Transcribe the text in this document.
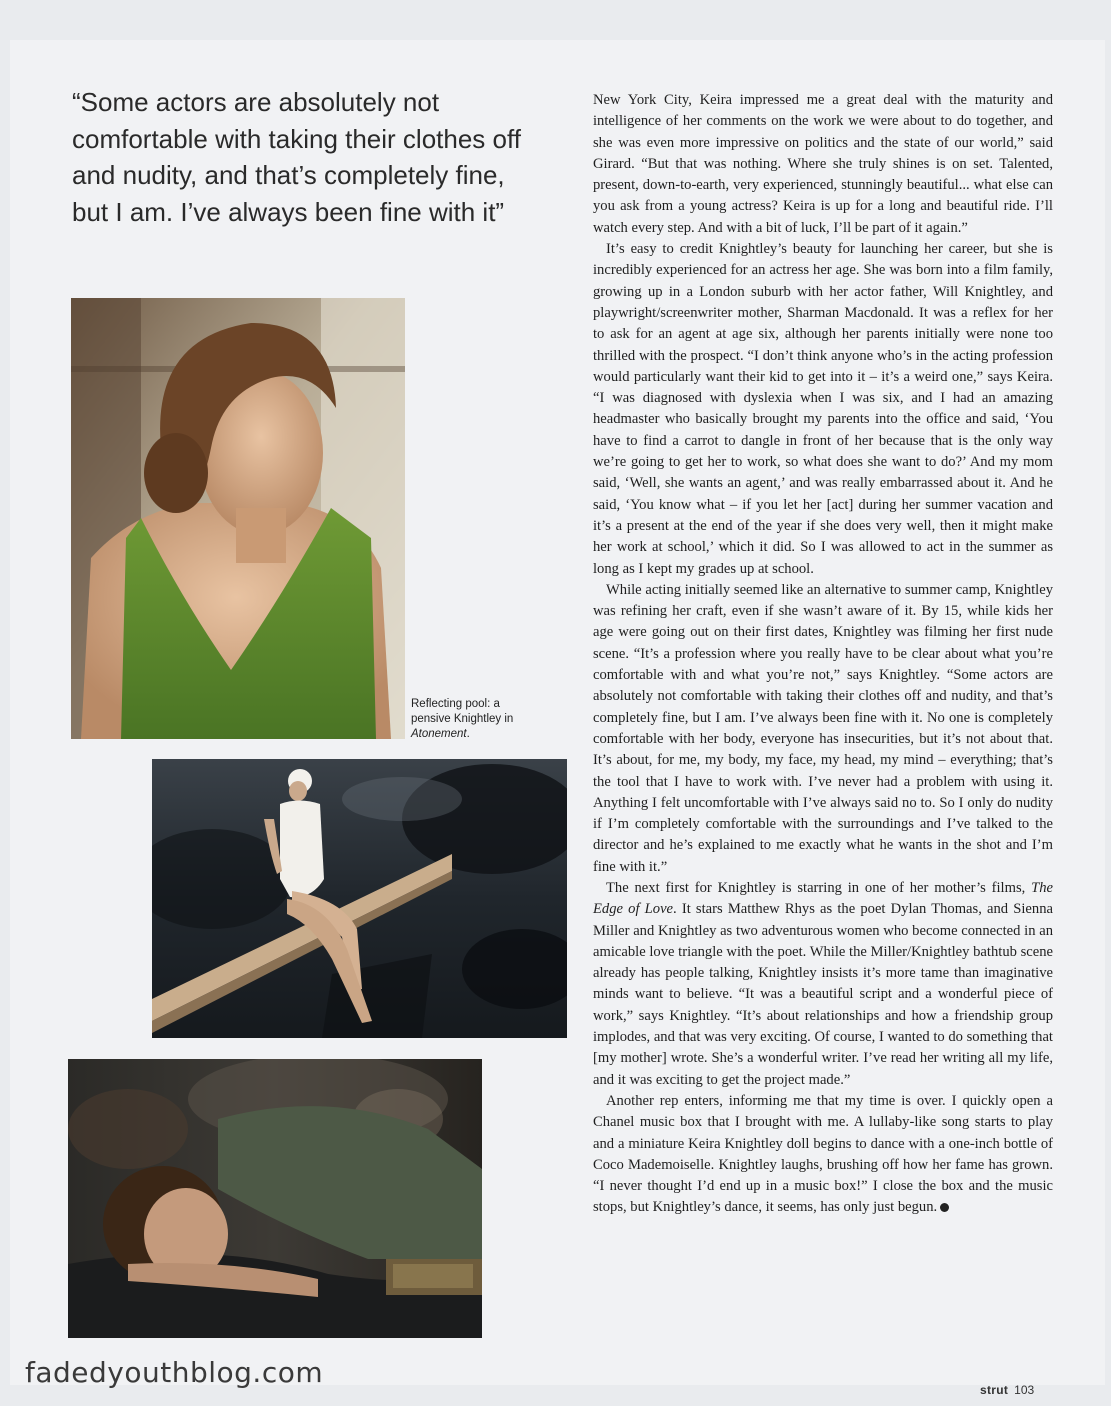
“Some actors are absolutely not comfortable with taking their clothes off and nudity, and that’s completely fine, but I am. I’ve always been fine with it”

Reflecting pool: a pensive Knightley in Atonement.

New York City, Keira impressed me a great deal with the maturity and intelligence of her comments on the work we were about to do together, and she was even more impressive on politics and the state of our world,” said Girard. “But that was nothing. Where she truly shines is on set. Talented, present, down-to-earth, very experienced, stunningly beautiful... what else can you ask from a young actress? Keira is up for a long and beautiful ride. I’ll watch every step. And with a bit of luck, I’ll be part of it again.”

It’s easy to credit Knightley’s beauty for launching her career, but she is incredibly experienced for an actress her age. She was born into a film family, growing up in a London suburb with her actor father, Will Knightley, and playwright/screenwriter mother, Sharman Macdonald. It was a reflex for her to ask for an agent at age six, although her parents initially were none too thrilled with the prospect. “I don’t think anyone who’s in the acting profession would particularly want their kid to get into it – it’s a weird one,” says Keira. “I was diagnosed with dyslexia when I was six, and I had an amazing headmaster who basically brought my parents into the office and said, ‘You have to find a carrot to dangle in front of her because that is the only way we’re going to get her to work, so what does she want to do?’ And my mom said, ‘Well, she wants an agent,’ and was really embarrassed about it. And he said, ‘You know what – if you let her [act] during her summer vacation and it’s a present at the end of the year if she does very well, then it might make her work at school,’ which it did. So I was allowed to act in the summer as long as I kept my grades up at school.

While acting initially seemed like an alternative to summer camp, Knightley was refining her craft, even if she wasn’t aware of it. By 15, while kids her age were going out on their first dates, Knightley was filming her first nude scene. “It’s a profession where you really have to be clear about what you’re comfortable with and what you’re not,” says Knightley. “Some actors are absolutely not comfortable with taking their clothes off and nudity, and that’s completely fine, but I am. I’ve always been fine with it. No one is completely comfortable with her body, everyone has insecurities, but it’s not about that. It’s about, for me, my body, my face, my head, my mind – everything; that’s the tool that I have to work with. I’ve never had a problem with using it. Anything I felt uncomfortable with I’ve always said no to. So I only do nudity if I’m completely comfortable with the surroundings and I’ve talked to the director and he’s explained to me exactly what he wants in the shot and I’m fine with it.”

The next first for Knightley is starring in one of her mother’s films, The Edge of Love. It stars Matthew Rhys as the poet Dylan Thomas, and Sienna Miller and Knightley as two adventurous women who become connected in an amicable love triangle with the poet. While the Miller/Knightley bathtub scene already has people talking, Knightley insists it’s more tame than imaginative minds want to believe. “It was a beautiful script and a wonderful piece of work,” says Knightley. “It’s about relationships and how a friendship group implodes, and that was very exciting. Of course, I wanted to do something that [my mother] wrote. She’s a wonderful writer. I’ve read her writing all my life, and it was exciting to get the project made.”

Another rep enters, informing me that my time is over. I quickly open a Chanel music box that I brought with me. A lullaby-like song starts to play and a miniature Keira Knightley doll begins to dance with a one-inch bottle of Coco Mademoiselle. Knightley laughs, brushing off how her fame has grown. “I never thought I’d end up in a music box!” I close the box and the music stops, but Knightley’s dance, it seems, has only just begun.

fadedyouthblog.com
strut 103
